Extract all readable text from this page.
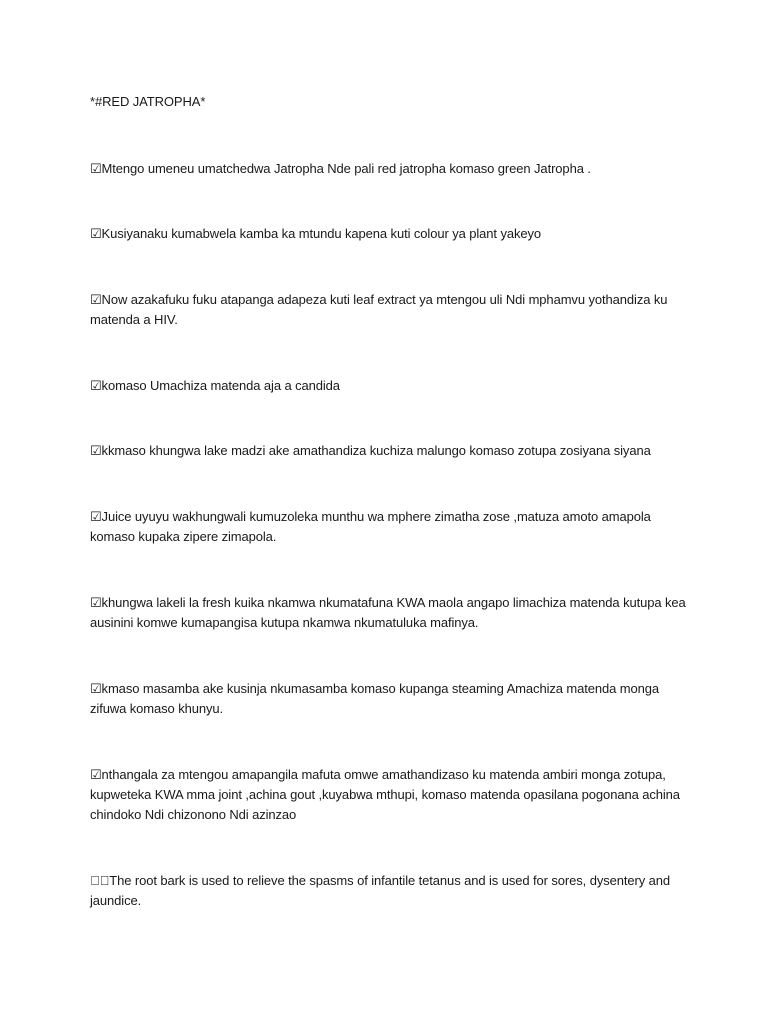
*#RED JATROPHA*
☑Mtengo umeneu umatchedwa Jatropha Nde pali red jatropha komaso green Jatropha .
☑Kusiyanaku kumabwela kamba ka mtundu kapena kuti colour ya plant yakeyo
☑Now azakafuku fuku atapanga adapeza kuti leaf extract ya mtengou uli Ndi mphamvu yothandiza ku matenda a HIV.
☑komaso Umachiza matenda aja a candida
☑kkmaso khungwa lake madzi ake amathandiza kuchiza malungo komaso zotupa zosiyana siyana
☑Juice uyuyu wakhungwali kumuzoleka munthu wa mphere zimatha zose ,matuza amoto amapola komaso kupaka zipere zimapola.
☑khungwa lakeli la fresh kuika nkamwa nkumatafuna KWA maola angapo limachiza matenda kutupa kea ausinini komwe kumapangisa kutupa nkamwa nkumatuluka mafinya.
☑kmaso masamba ake kusinja nkumasamba komaso kupanga steaming Amachiza matenda monga zifuwa komaso khunyu.
☑nthangala za mtengou amapangila mafuta omwe amathandizaso ku matenda ambiri monga zotupa, kupweteka KWA mma joint ,achina gout ,kuyabwa mthupi, komaso matenda opasilana pogonana achina chindoko Ndi chizonono Ndi azinzao
  The root bark is used to relieve the spasms of infantile tetanus and is used for sores, dysentery and jaundice.
